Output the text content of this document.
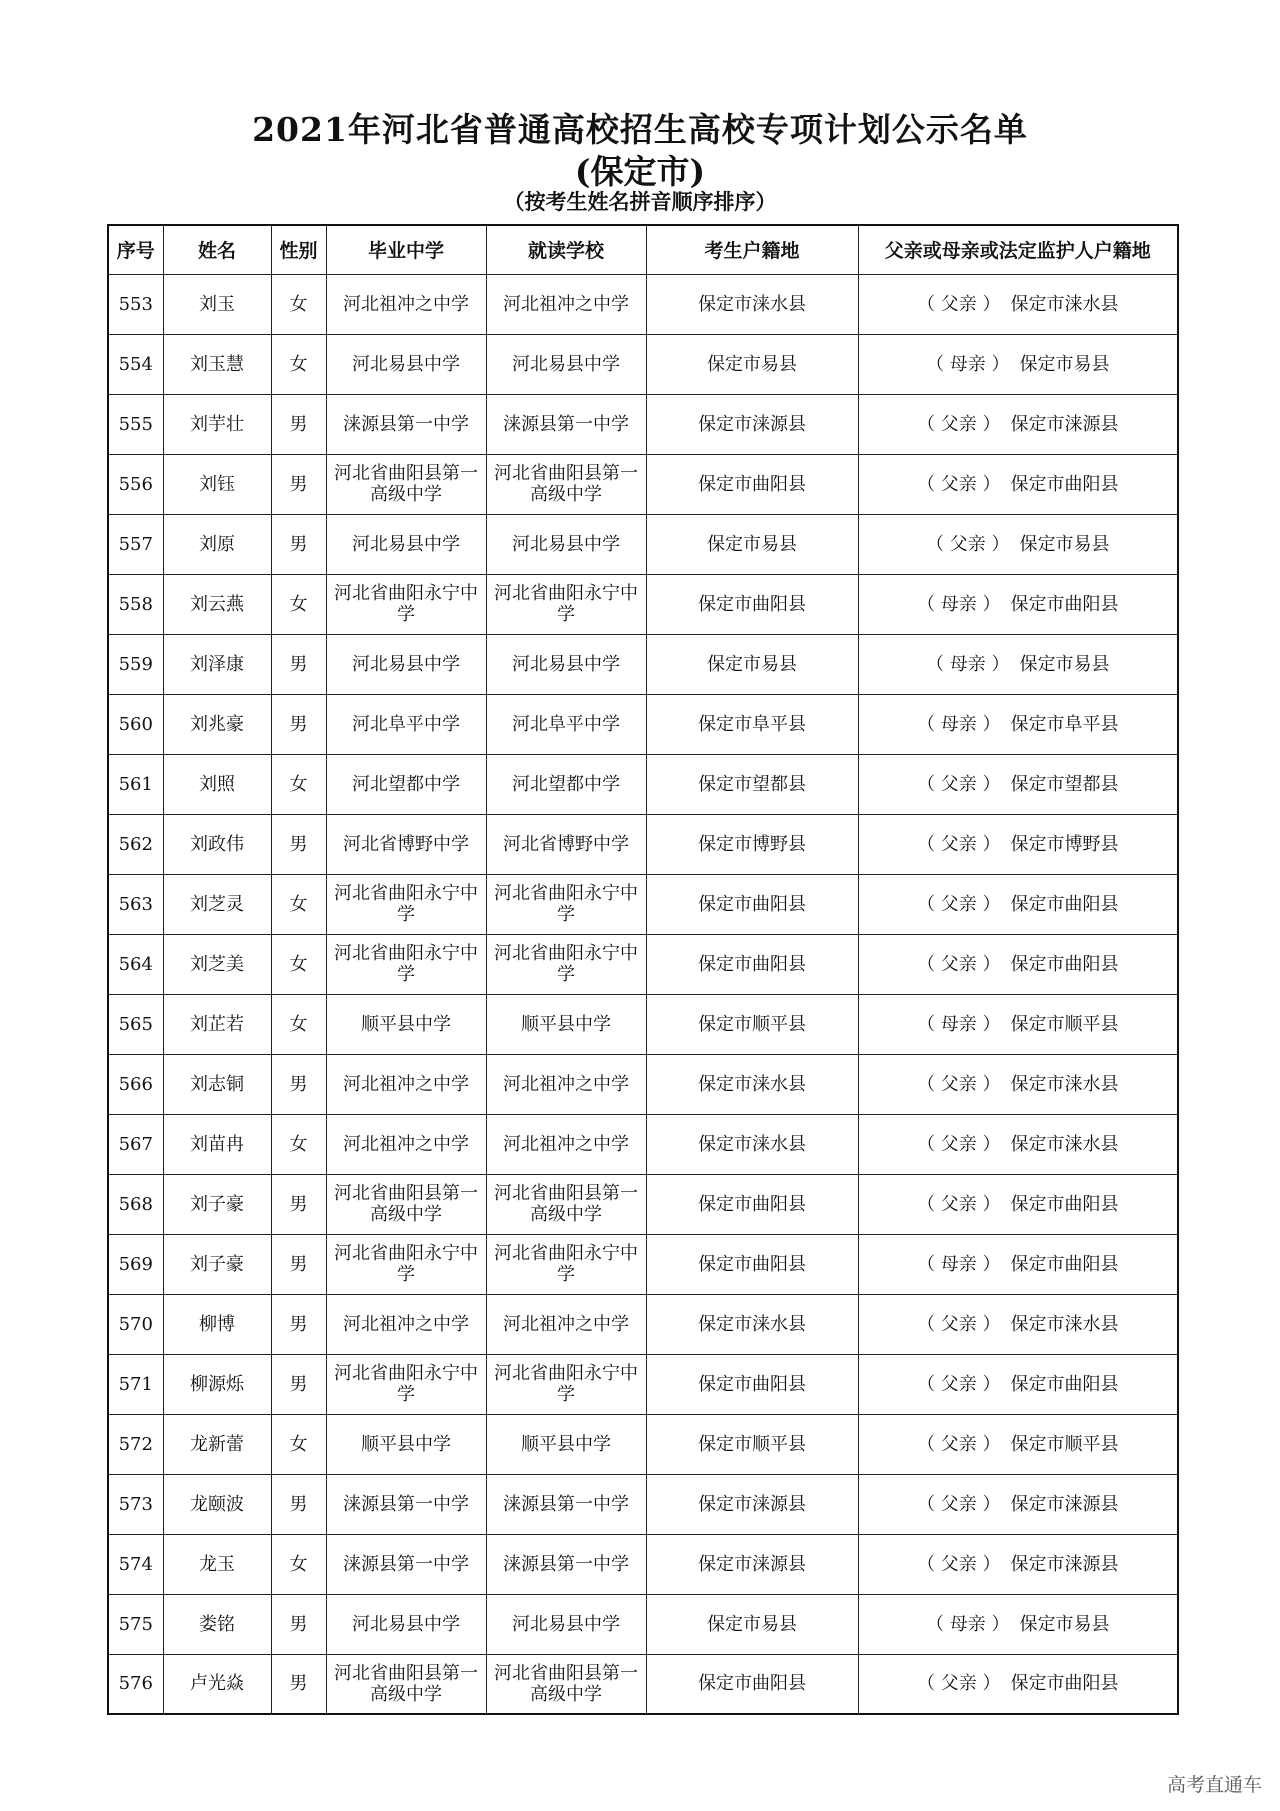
2021年河北省普通高校招生高校专项计划公示名单
(保定市)
（按考生姓名拼音顺序排序）
序号	姓名	性别	毕业中学	就读学校	考生户籍地	父亲或母亲或法定监护人户籍地
553	刘玉	女	河北祖冲之中学	河北祖冲之中学	保定市涞水县	（ 父亲 ） 保定市涞水县
554	刘玉慧	女	河北易县中学	河北易县中学	保定市易县	（ 母亲 ） 保定市易县
555	刘芋壮	男	涞源县第一中学	涞源县第一中学	保定市涞源县	（ 父亲 ） 保定市涞源县
556	刘钰	男	河北省曲阳县第一高级中学	河北省曲阳县第一高级中学	保定市曲阳县	（ 父亲 ） 保定市曲阳县
557	刘原	男	河北易县中学	河北易县中学	保定市易县	（ 父亲 ） 保定市易县
558	刘云燕	女	河北省曲阳永宁中学	河北省曲阳永宁中学	保定市曲阳县	（ 母亲 ） 保定市曲阳县
559	刘泽康	男	河北易县中学	河北易县中学	保定市易县	（ 母亲 ） 保定市易县
560	刘兆豪	男	河北阜平中学	河北阜平中学	保定市阜平县	（ 母亲 ） 保定市阜平县
561	刘照	女	河北望都中学	河北望都中学	保定市望都县	（ 父亲 ） 保定市望都县
562	刘政伟	男	河北省博野中学	河北省博野中学	保定市博野县	（ 父亲 ） 保定市博野县
563	刘芝灵	女	河北省曲阳永宁中学	河北省曲阳永宁中学	保定市曲阳县	（ 父亲 ） 保定市曲阳县
564	刘芝美	女	河北省曲阳永宁中学	河北省曲阳永宁中学	保定市曲阳县	（ 父亲 ） 保定市曲阳县
565	刘芷若	女	顺平县中学	顺平县中学	保定市顺平县	（ 母亲 ） 保定市顺平县
566	刘志铜	男	河北祖冲之中学	河北祖冲之中学	保定市涞水县	（ 父亲 ） 保定市涞水县
567	刘苗冉	女	河北祖冲之中学	河北祖冲之中学	保定市涞水县	（ 父亲 ） 保定市涞水县
568	刘子豪	男	河北省曲阳县第一高级中学	河北省曲阳县第一高级中学	保定市曲阳县	（ 父亲 ） 保定市曲阳县
569	刘子豪	男	河北省曲阳永宁中学	河北省曲阳永宁中学	保定市曲阳县	（ 母亲 ） 保定市曲阳县
570	柳博	男	河北祖冲之中学	河北祖冲之中学	保定市涞水县	（ 父亲 ） 保定市涞水县
571	柳源烁	男	河北省曲阳永宁中学	河北省曲阳永宁中学	保定市曲阳县	（ 父亲 ） 保定市曲阳县
572	龙新蕾	女	顺平县中学	顺平县中学	保定市顺平县	（ 父亲 ） 保定市顺平县
573	龙颐波	男	涞源县第一中学	涞源县第一中学	保定市涞源县	（ 父亲 ） 保定市涞源县
574	龙玉	女	涞源县第一中学	涞源县第一中学	保定市涞源县	（ 父亲 ） 保定市涞源县
575	娄铭	男	河北易县中学	河北易县中学	保定市易县	（ 母亲 ） 保定市易县
576	卢光焱	男	河北省曲阳县第一高级中学	河北省曲阳县第一高级中学	保定市曲阳县	（ 父亲 ） 保定市曲阳县
高考直通车
